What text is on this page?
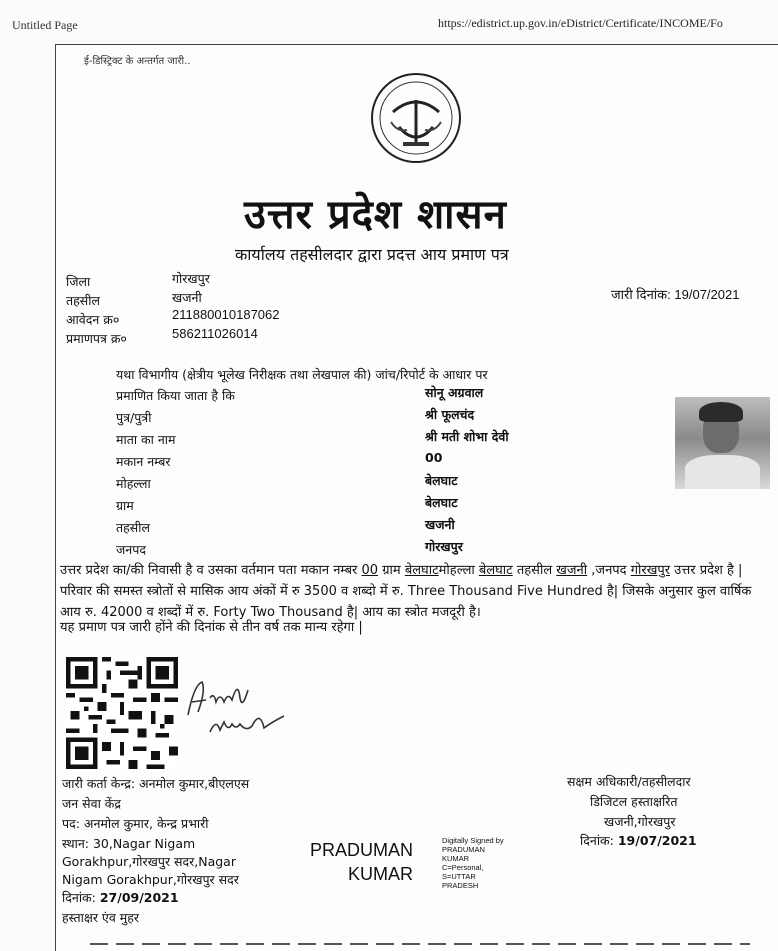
Untitled Page	https://edistrict.up.gov.in/eDistrict/Certificate/INCOME/Fo
ई-डिस्ट्रिक्ट के अन्तर्गत जारी..
उत्तर प्रदेश शासन
कार्यालय तहसीलदार द्वारा प्रदत्त आय प्रमाण पत्र
जिला	गोरखपुर
तहसील	खजनी
आवेदन क्र०	211880010187062
प्रमाणपत्र क्र०	586211026014
जारी दिनांक: 19/07/2021
यथा विभागीय (क्षेत्रीय भूलेख निरीक्षक तथा लेखपाल की) जांच/रिपोर्ट के आधार पर
प्रमाणित किया जाता है कि	सोनू अग्रवाल
पुत्र/पुत्री	श्री फूलचंद
माता का नाम	श्री मती शोभा देवी
मकान नम्बर	00
मोहल्ला	बेलघाट
ग्राम	बेलघाट
तहसील	खजनी
जनपद	गोरखपुर
उत्तर प्रदेश का/की निवासी है व उसका वर्तमान पता मकान नम्बर 00 ग्राम बेलघाटमोहल्ला बेलघाट तहसील खजनी ,जनपद गोरखपुर उत्तर प्रदेश है | परिवार की समस्त स्त्रोतों से मासिक आय अंकों में रु 3500 व शब्दो में रु. Three Thousand Five Hundred है| जिसके अनुसार कुल वार्षिक आय रु. 42000 व शब्दों में रु. Forty Two Thousand है| आय का स्त्रोत मजदूरी है।
यह प्रमाण पत्र जारी होंने की दिनांक से तीन वर्ष तक मान्य रहेगा |
जारी कर्ता केन्द्र: अनमोल कुमार,बीएलएस
जन सेवा केंद्र
पद: अनमोल कुमार, केन्द्र प्रभारी
स्थान: 30,Nagar Nigam
Gorakhpur,गोरखपुर सदर,Nagar
Nigam Gorakhpur,गोरखपुर सदर
दिनांक: 27/09/2021
हस्ताक्षर एंव मुहर
PRADUMAN
KUMAR
Digitally Signed by
PRADUMAN
KUMAR
C=Personal,
S=UTTAR
PRADESH
सक्षम अधिकारी/तहसीलदार
डिजिटल हस्ताक्षरित
खजनी,गोरखपुर
दिनांक: 19/07/2021
